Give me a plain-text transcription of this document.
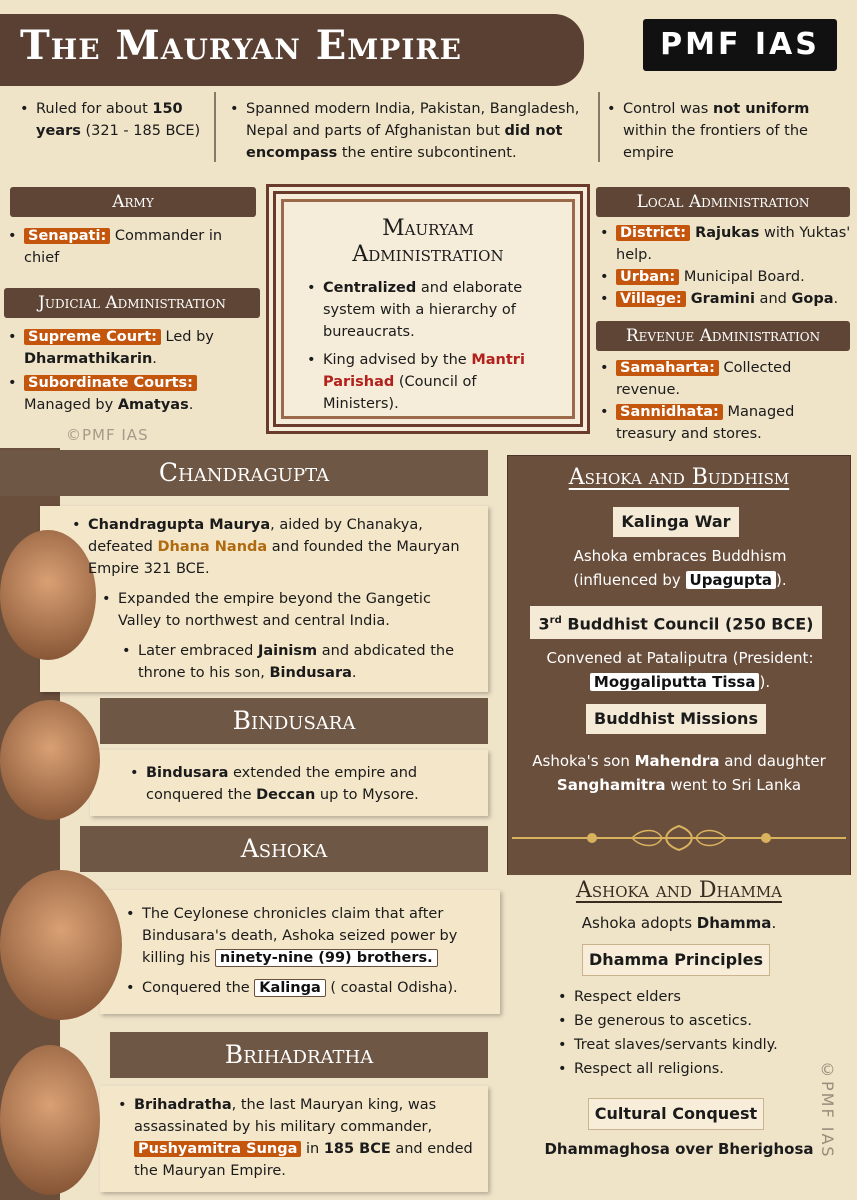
The Mauryan Empire	PMF IAS
• Ruled for about 150 years (321 - 185 BCE)
• Spanned modern India, Pakistan, Bangladesh, Nepal and parts of Afghanistan but did not encompass the entire subcontinent.
• Control was not uniform within the frontiers of the empire
Army
• Senapati: Commander in chief
Judicial Administration
• Supreme Court: Led by Dharmathikarin.
• Subordinate Courts: Managed by Amatyas.
©PMF IAS
Mauryam
Administration
• Centralized and elaborate system with a hierarchy of bureaucrats.
• King advised by the Mantri Parishad (Council of Ministers).
Local Administration
• District: Rajukas with Yuktas' help.
• Urban: Municipal Board.
• Village: Gramini and Gopa.
Revenue Administration
• Samaharta: Collected revenue.
• Sannidhata: Managed treasury and stores.
Chandragupta
• Chandragupta Maurya, aided by Chanakya, defeated Dhana Nanda and founded the Mauryan Empire 321 BCE.
• Expanded the empire beyond the Gangetic Valley to northwest and central India.
• Later embraced Jainism and abdicated the throne to his son, Bindusara.
Bindusara
• Bindusara extended the empire and conquered the Deccan up to Mysore.
Ashoka
• The Ceylonese chronicles claim that after Bindusara's death, Ashoka seized power by killing his ninety-nine (99) brothers.
• Conquered the Kalinga ( coastal Odisha).
Brihadratha
• Brihadratha, the last Mauryan king, was assassinated by his military commander, Pushyamitra Sunga in 185 BCE and ended the Mauryan Empire.
Ashoka and Buddhism
Kalinga War
Ashoka embraces Buddhism (influenced by Upagupta ).
3rd Buddhist Council (250 BCE)
Convened at Pataliputra (President: Moggaliputta Tissa ).
Buddhist Missions
Ashoka's son Mahendra and daughter Sanghamitra went to Sri Lanka
Ashoka and Dhamma
Ashoka adopts Dhamma.
Dhamma Principles
• Respect elders
• Be generous to ascetics.
• Treat slaves/servants kindly.
• Respect all religions.
Cultural Conquest
Dhammaghosa over Bherighosa ©PMF IAS
